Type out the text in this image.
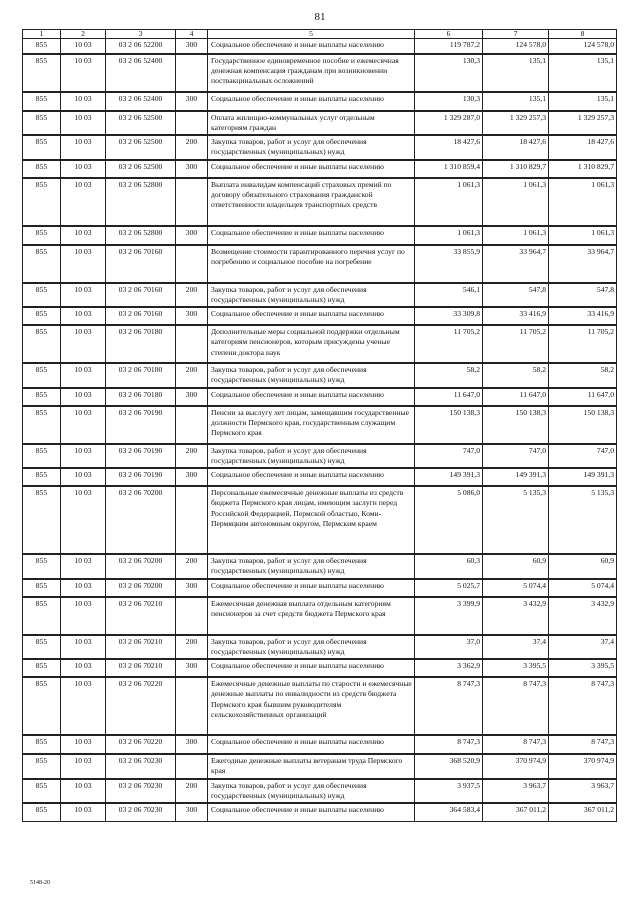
81
1	2	3	4	5	6	7	8
855	10 03	03 2 06 52200	300	Социальное обеспечение и иные выплаты населению	119 787,2	124 578,0	124 578,0
855	10 03	03 2 06 52400		Государственное единовременное пособие и ежемесячная денежная компенсация гражданам при возникновении поствакцинальных осложнений	130,3	135,1	135,1
855	10 03	03 2 06 52400	300	Социальное обеспечение и иные выплаты населению	130,3	135,1	135,1
855	10 03	03 2 06 52500		Оплата жилищно-коммунальных услуг отдельным категориям граждан	1 329 287,0	1 329 257,3	1 329 257,3
855	10 03	03 2 06 52500	200	Закупка товаров, работ и услуг для обеспечения государственных (муниципальных) нужд	18 427,6	18 427,6	18 427,6
855	10 03	03 2 06 52500	300	Социальное обеспечение и иные выплаты населению	1 310 859,4	1 310 829,7	1 310 829,7
855	10 03	03 2 06 52800		Выплата инвалидам компенсаций страховых премий по договору обязательного страхования гражданской ответственности владельцев транспортных средств	1 061,3	1 061,3	1 061,3
855	10 03	03 2 06 52800	300	Социальное обеспечение и иные выплаты населению	1 061,3	1 061,3	1 061,3
855	10 03	03 2 06 70160		Возмещение стоимости гарантированного перечня услуг по погребению и социальное пособие на погребение	33 855,9	33 964,7	33 964,7
855	10 03	03 2 06 70160	200	Закупка товаров, работ и услуг для обеспечения государственных (муниципальных) нужд	546,1	547,8	547,8
855	10 03	03 2 06 70160	300	Социальное обеспечение и иные выплаты населению	33 309,8	33 416,9	33 416,9
855	10 03	03 2 06 70180		Дополнительные меры социальной поддержки отдельным категориям пенсионеров, которым присуждены ученые степени доктора наук	11 705,2	11 705,2	11 705,2
855	10 03	03 2 06 70180	200	Закупка товаров, работ и услуг для обеспечения государственных (муниципальных) нужд	58,2	58,2	58,2
855	10 03	03 2 06 70180	300	Социальное обеспечение и иные выплаты населению	11 647,0	11 647,0	11 647,0
855	10 03	03 2 06 70190		Пенсии за выслугу лет лицам, замещавшим государственные должности Пермского края, государственным служащим Пермского края	150 138,3	150 138,3	150 138,3
855	10 03	03 2 06 70190	200	Закупка товаров, работ и услуг для обеспечения государственных (муниципальных) нужд	747,0	747,0	747,0
855	10 03	03 2 06 70190	300	Социальное обеспечение и иные выплаты населению	149 391,3	149 391,3	149 391,3
855	10 03	03 2 06 70200		Персональные ежемесячные денежные выплаты из средств бюджета Пермского края лицам, имеющим заслуги перед Российской Федерацией, Пермской областью, Коми-Пермяцким автономным округом, Пермским краем	5 086,0	5 135,3	5 135,3
855	10 03	03 2 06 70200	200	Закупка товаров, работ и услуг для обеспечения государственных (муниципальных) нужд	60,3	60,9	60,9
855	10 03	03 2 06 70200	300	Социальное обеспечение и иные выплаты населению	5 025,7	5 074,4	5 074,4
855	10 03	03 2 06 70210		Ежемесячная денежная выплата отдельным категориям пенсионеров за счет средств бюджета Пермского края	3 399,9	3 432,9	3 432,9
855	10 03	03 2 06 70210	200	Закупка товаров, работ и услуг для обеспечения государственных (муниципальных) нужд	37,0	37,4	37,4
855	10 03	03 2 06 70210	300	Социальное обеспечение и иные выплаты населению	3 362,9	3 395,5	3 395,5
855	10 03	03 2 06 70220		Ежемесячные денежные выплаты по старости и ежемесячные денежные выплаты по инвалидности из средств бюджета Пермского края бывшим руководителям сельскохозяйственных организаций	8 747,3	8 747,3	8 747,3
855	10 03	03 2 06 70220	300	Социальное обеспечение и иные выплаты населению	8 747,3	8 747,3	8 747,3
855	10 03	03 2 06 70230		Ежегодные денежные выплаты ветеранам труда Пермского края	368 520,9	370 974,9	370 974,9
855	10 03	03 2 06 70230	200	Закупка товаров, работ и услуг для обеспечения государственных (муниципальных) нужд	3 937,5	3 963,7	3 963,7
855	10 03	03 2 06 70230	300	Социальное обеспечение и иные выплаты населению	364 583,4	367 011,2	367 011,2
5148-20
